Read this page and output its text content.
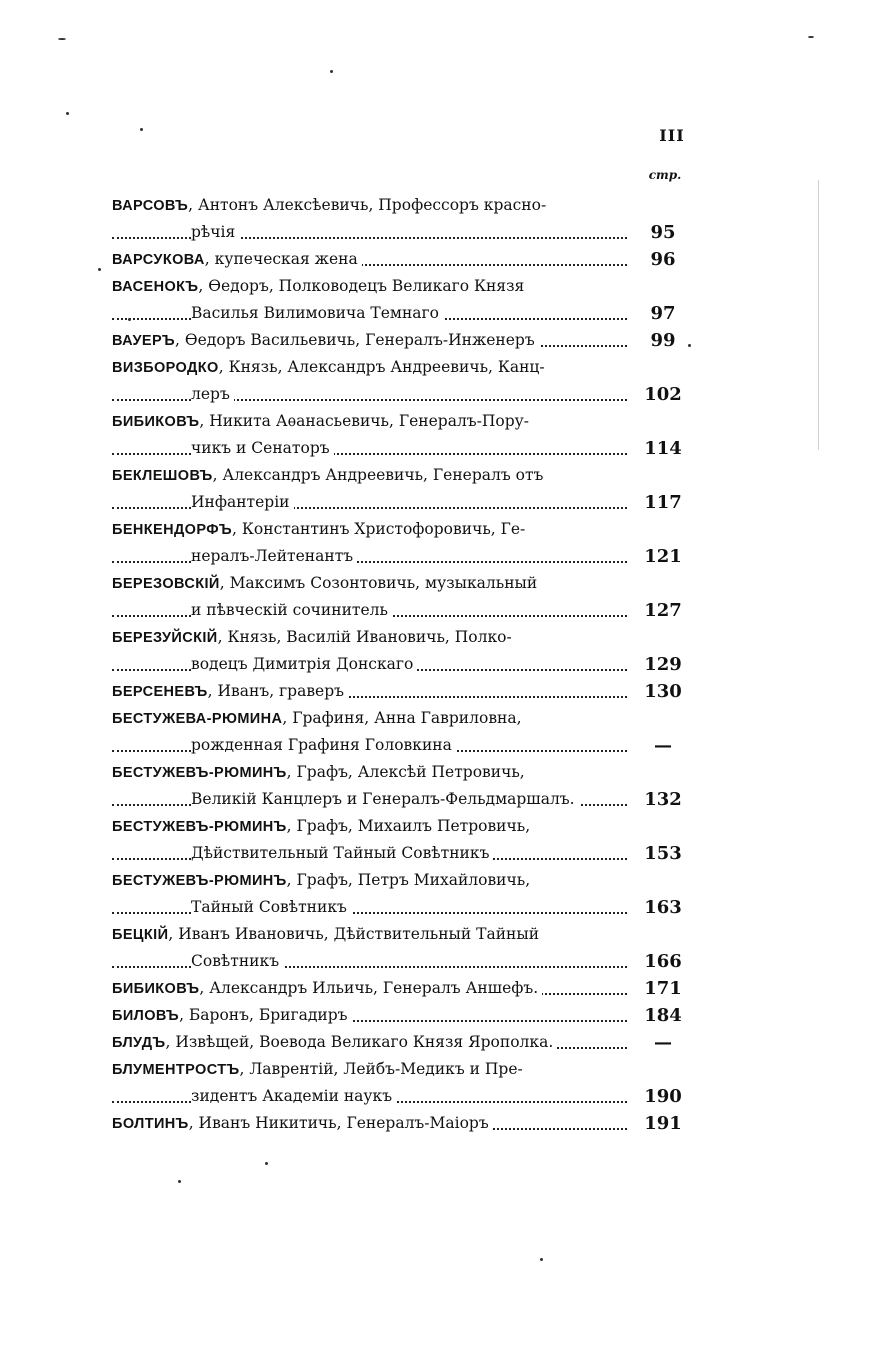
III
стр.
ВАРСОВЪ, Антонъ Алексѣевичь, Профессоръ красно-
рѣчія	95
ВАРСУКОВА, купеческая жена	96
ВАСЕНОКЪ, Ѳедоръ, Полководецъ Великаго Князя
Василья Вилимовича Темнаго	97
ВАУЕРЪ, Ѳедоръ Васильевичь, Генералъ-Инженеръ	99
ВИЗБОРОДКО, Князь, Александръ Андреевичь, Канц-
леръ	102
БИБИКОВЪ, Никита Аѳанасьевичь, Генералъ-Пору-
чикъ и Сенаторъ	114
БЕКЛЕШОВЪ, Александръ Андреевичь, Генералъ отъ
Инфантеріи	117
БЕНКЕНДОРФЪ, Константинъ Христофоровичь, Ге-
нералъ-Лейтенантъ	121
БЕРЕЗОВСКІЙ, Максимъ Созонтовичь, музыкальный
и пѣвческій сочинитель	127
БЕРЕЗУЙСКІЙ, Князь, Василій Ивановичь, Полко-
водецъ Димитрія Донскаго	129
БЕРСЕНЕВЪ, Иванъ, граверъ	130
БЕСТУЖЕВА-РЮМИНА, Графиня, Анна Гавриловна,
рожденная Графиня Головкина	—
БЕСТУЖЕВЪ-РЮМИНЪ, Графъ, Алексѣй Петровичь,
Великій Канцлеръ и Генералъ-Фельдмаршалъ.	132
БЕСТУЖЕВЪ-РЮМИНЪ, Графъ, Михаилъ Петровичь,
Дѣйствительный Тайный Совѣтникъ	153
БЕСТУЖЕВЪ-РЮМИНЪ, Графъ, Петръ Михайловичь,
Тайный Совѣтникъ	163
БЕЦКІЙ, Иванъ Ивановичь, Дѣйствительный Тайный
Совѣтникъ	166
БИБИКОВЪ, Александръ Ильичь, Генералъ Аншефъ.	171
БИЛОВЪ, Баронъ, Бригадиръ	184
БЛУДЪ, Извѣщей, Воевода Великаго Князя Ярополка.	—
БЛУМЕНТРОСТЪ, Лаврентій, Лейбъ-Медикъ и Пре-
зидентъ Академіи наукъ	190
БОЛТИНЪ, Иванъ Никитичь, Генералъ-Маіоръ	191
